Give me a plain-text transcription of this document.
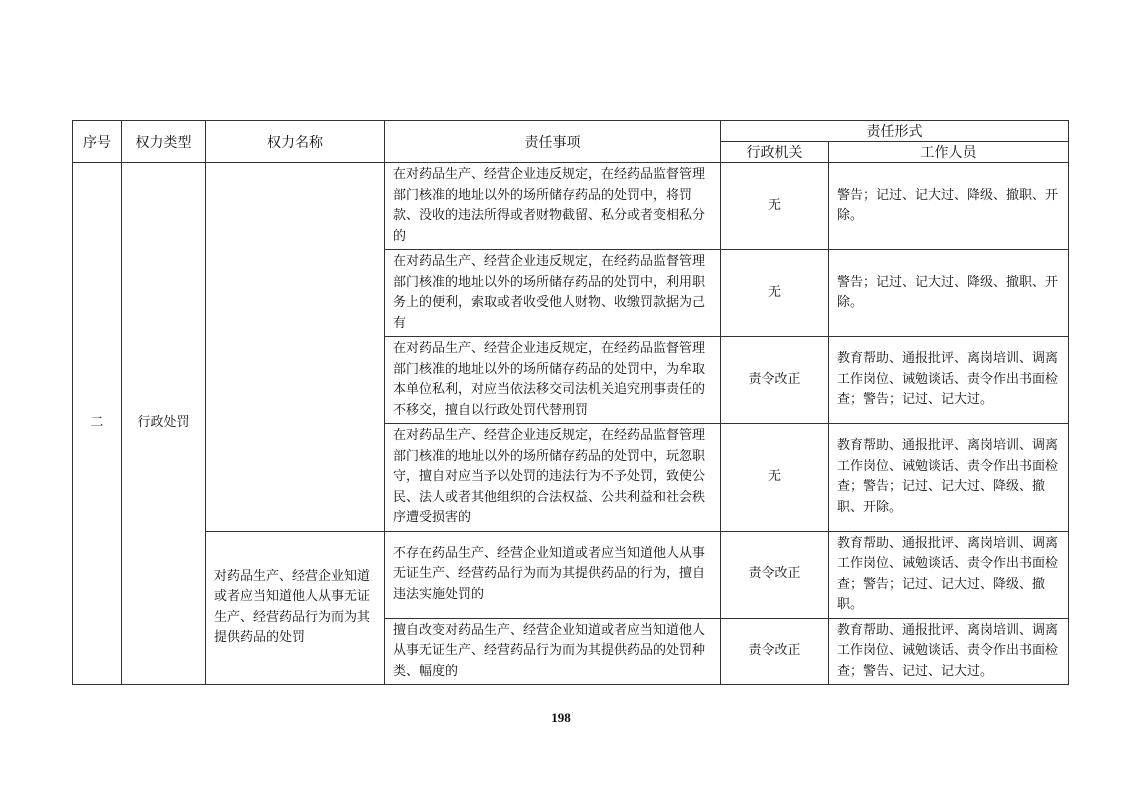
序号	权力类型	权力名称	责任事项	责任形式	
				行政机关	工作人员
二	行政处罚		在对药品生产、经营企业违反规定，在经药品监督管理部门核准的地址以外的场所储存药品的处罚中，将罚款、没收的违法所得或者财物截留、私分或者变相私分的	无	警告；记过、记大过、降级、撤职、开除。
			在对药品生产、经营企业违反规定，在经药品监督管理部门核准的地址以外的场所储存药品的处罚中，利用职务上的便利，索取或者收受他人财物、收缴罚款据为己有	无	警告；记过、记大过、降级、撤职、开除。
			在对药品生产、经营企业违反规定，在经药品监督管理部门核准的地址以外的场所储存药品的处罚中，为牟取本单位私利，对应当依法移交司法机关追究刑事责任的不移交，擅自以行政处罚代替刑罚	责令改正	教育帮助、通报批评、离岗培训、调离工作岗位、诫勉谈话、责令作出书面检查；警告；记过、记大过。
			在对药品生产、经营企业违反规定，在经药品监督管理部门核准的地址以外的场所储存药品的处罚中，玩忽职守，擅自对应当予以处罚的违法行为不予处罚，致使公民、法人或者其他组织的合法权益、公共利益和社会秩序遭受损害的	无	教育帮助、通报批评、离岗培训、调离工作岗位、诫勉谈话、责令作出书面检查；警告；记过、记大过、降级、撤职、开除。
		对药品生产、经营企业知道或者应当知道他人从事无证生产、经营药品行为而为其提供药品的处罚	不存在药品生产、经营企业知道或者应当知道他人从事无证生产、经营药品行为而为其提供药品的行为，擅自违法实施处罚的	责令改正	教育帮助、通报批评、离岗培训、调离工作岗位、诫勉谈话、责令作出书面检查；警告；记过、记大过、降级、撤职。
			擅自改变对药品生产、经营企业知道或者应当知道他人从事无证生产、经营药品行为而为其提供药品的处罚种类、幅度的	责令改正	教育帮助、通报批评、离岗培训、调离工作岗位、诫勉谈话、责令作出书面检查；警告、记过、记大过。
198
